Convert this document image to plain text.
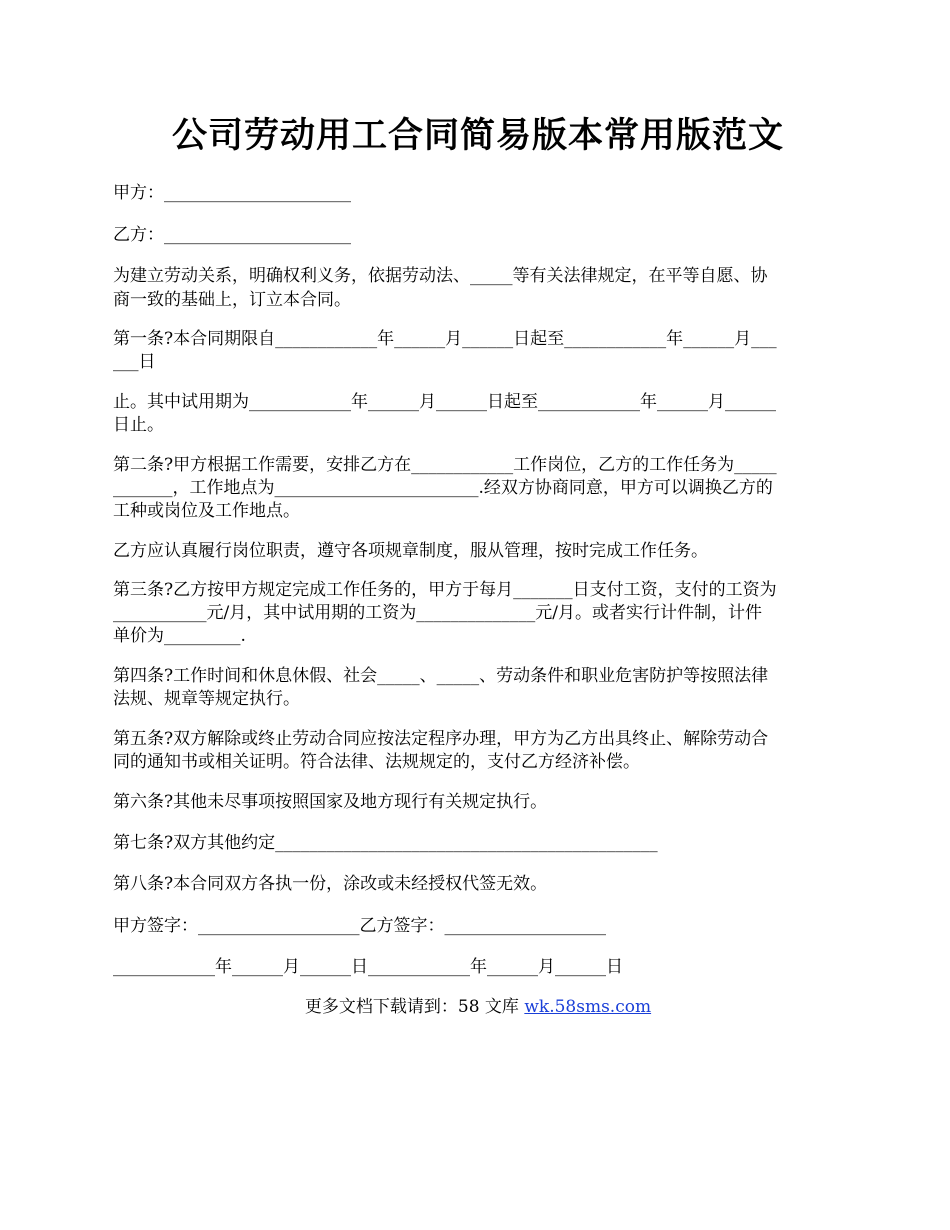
公司劳动用工合同简易版本常用版范文
甲方：______________________
乙方：______________________
为建立劳动关系，明确权利义务，依据劳动法、_____等有关法律规定，在平等自愿、协
商一致的基础上，订立本合同。
第一条?本合同期限自____________年______月______日起至____________年______月___
___日
止。其中试用期为____________年______月______日起至____________年______月______
日止。
第二条?甲方根据工作需要，安排乙方在____________工作岗位，乙方的工作任务为_____
_______，工作地点为________________________.经双方协商同意，甲方可以调换乙方的
工种或岗位及工作地点。
乙方应认真履行岗位职责，遵守各项规章制度，服从管理，按时完成工作任务。
第三条?乙方按甲方规定完成工作任务的，甲方于每月_______日支付工资，支付的工资为
___________元/月，其中试用期的工资为______________元/月。或者实行计件制，计件
单价为_________.
第四条?工作时间和休息休假、社会_____、_____、劳动条件和职业危害防护等按照法律
法规、规章等规定执行。
第五条?双方解除或终止劳动合同应按法定程序办理，甲方为乙方出具终止、解除劳动合
同的通知书或相关证明。符合法律、法规规定的，支付乙方经济补偿。
第六条?其他未尽事项按照国家及地方现行有关规定执行。
第七条?双方其他约定_____________________________________________
第八条?本合同双方各执一份，涂改或未经授权代签无效。
甲方签字：___________________乙方签字：___________________
____________年______月______日____________年______月______日
更多文档下载请到：58 文库 wk.58sms.com
